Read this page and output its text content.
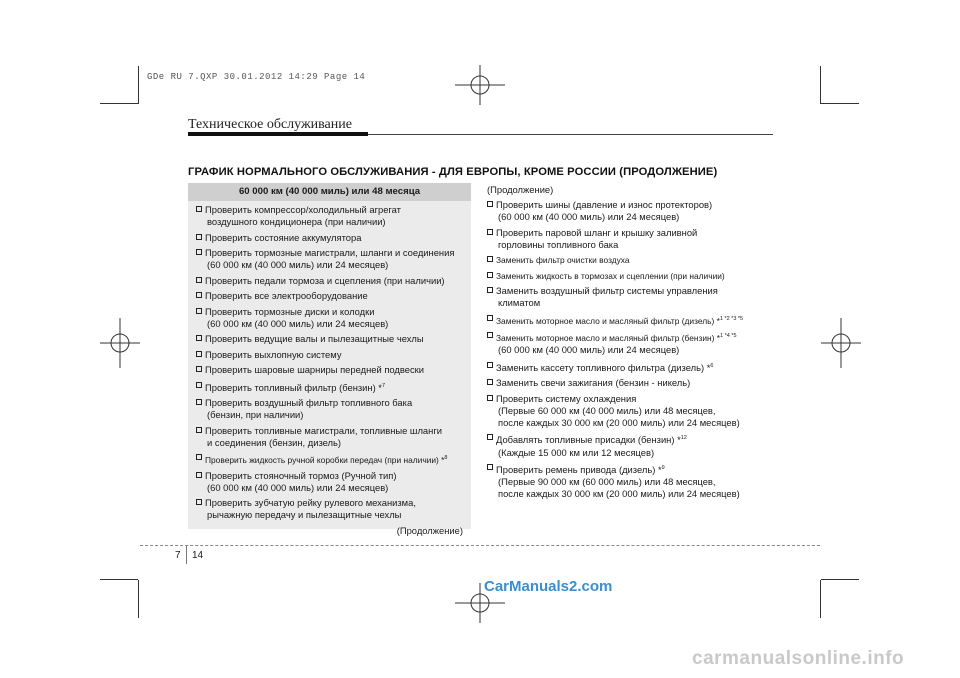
GDe RU 7.QXP 30.01.2012 14:29 Page 14
Техническое обслуживание
ГРАФИК НОРМАЛЬНОГО ОБСЛУЖИВАНИЯ - ДЛЯ ЕВРОПЫ, КРОМЕ РОССИИ (ПРОДОЛЖЕНИЕ)
60 000 км (40 000 миль) или 48 месяца
Проверить компрессор/холодильный агрегат
воздушного кондиционера (при наличии)
Проверить состояние аккумулятора
Проверить тормозные магистрали, шланги и соединения
(60 000 км (40 000 миль) или 24 месяцев)
Проверить педали тормоза и сцепления (при наличии)
Проверить все электрооборудование
Проверить тормозные диски и колодки
(60 000 км (40 000 миль) или 24 месяцев)
Проверить ведущие валы и пылезащитные чехлы
Проверить выхлопную систему
Проверить шаровые шарниры передней подвески
Проверить топливный фильтр (бензин) *$^7$
Проверить воздушный фильтр топливного бака
(бензин, при наличии)
Проверить топливные магистрали, топливные шланги
и соединения (бензин, дизель)
Проверить жидкость ручной коробки передач (при наличии) *$^8$
Проверить стояночный тормоз (Ручной тип)
(60 000 км (40 000 миль) или 24 месяцев)
Проверить зубчатую рейку рулевого механизма,
рычажную передачу и пылезащитные чехлы
(Продолжение)
(Продолжение)
Проверить шины (давление и износ протекторов)
(60 000 км (40 000 миль) или 24 месяцев)
Проверить паровой шланг и крышку заливной
горловины топливного бака
Заменить фильтр очистки воздуха
Заменить жидкость в тормозах и сцеплении (при наличии)
Заменить воздушный фильтр системы управления
климатом
Заменить моторное масло и масляный фильтр (дизель) *$^{1 *2 *3 *5}$
Заменить моторное масло и масляный фильтр (бензин) *$^{1 *4 *5}$
(60 000 км (40 000 миль) или 24 месяцев)
Заменить кассету топливного фильтра (дизель) *$^6$
Заменить свечи зажигания (бензин - никель)
Проверить систему охлаждения
(Первые 60 000 км (40 000 миль) или 48 месяцев,
после каждых 30 000 км (20 000 миль) или 24 месяцев)
Добавлять топливные присадки (бензин) *$^{12}$
(Каждые 15 000 км или 12 месяцев)
Проверить ремень привода (дизель) *$^9$
(Первые 90 000 км (60 000 миль) или 48 месяцев,
после каждых 30 000 км (20 000 миль) или 24 месяцев)
7 14
CarManuals2.com
carmanualsonline.info
